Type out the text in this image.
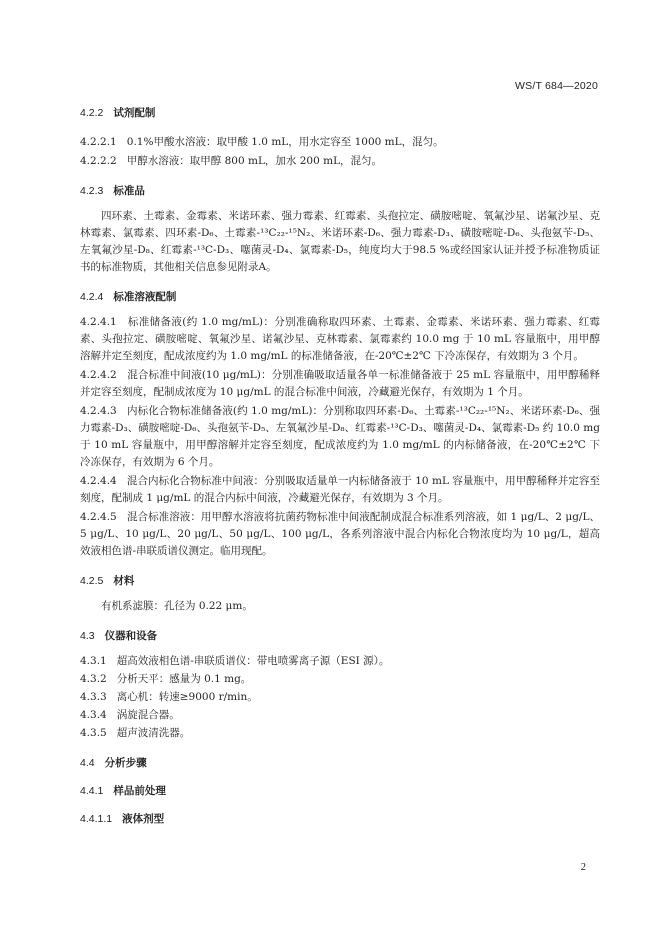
WS/T 684—2020

4.2.2 试剂配制

4.2.2.1 0.1%甲酸水溶液：取甲酸 1.0 mL，用水定容至 1000 mL，混匀。

4.2.2.2 甲醇水溶液：取甲醇 800 mL，加水 200 mL，混匀。

4.2.3 标准品

四环素、土霉素、金霉素、米诺环素、强力霉素、红霉素、头孢拉定、磺胺嘧啶、氧氟沙星、诺氟沙星、克林霉素、氯霉素、四环素-D₆、土霉素-¹³C₂₂-¹⁵N₂、米诺环素-D₆、强力霉素-D₃、磺胺嘧啶-D₆、头孢氨苄-D₅、左氧氟沙星-D₈、红霉素-¹³C-D₃、噻菌灵-D₄、氯霉素-D₅，纯度均大于98.5 %或经国家认证并授予标准物质证书的标准物质，其他相关信息参见附录A。

4.2.4 标准溶液配制

4.2.4.1 标准储备液(约 1.0 mg/mL)：分别准确称取四环素、土霉素、金霉素、米诺环素、强力霉素、红霉素、头孢拉定、磺胺嘧啶、氧氟沙星、诺氟沙星、克林霉素、氯霉素约 10.0 mg 于 10 mL 容量瓶中，用甲醇溶解并定至刻度，配成浓度约为 1.0 mg/mL 的标准储备液，在-20℃±2℃ 下冷冻保存，有效期为 3 个月。

4.2.4.2 混合标准中间液(10 μg/mL)：分别准确吸取适量各单一标准储备液于 25 mL 容量瓶中，用甲醇稀释并定容至刻度，配制成浓度为 10 μg/mL 的混合标准中间液，冷藏避光保存，有效期为 1 个月。

4.2.4.3 内标化合物标准储备液(约 1.0 mg/mL)：分别称取四环素-D₆、土霉素-¹³C₂₂-¹⁵N₂、米诺环素-D₆、强力霉素-D₃、磺胺嘧啶-D₆、头孢氨苄-D₅、左氧氟沙星-D₈、红霉素-¹³C-D₃、噻菌灵-D₄、氯霉素-D₅ 约 10.0 mg 于 10 mL 容量瓶中，用甲醇溶解并定容至刻度，配成浓度约为 1.0 mg/mL 的内标储备液，在-20℃±2℃ 下冷冻保存，有效期为 6 个月。

4.2.4.4 混合内标化合物标准中间液：分别吸取适量单一内标储备液于 10 mL 容量瓶中，用甲醇稀释并定容至刻度，配制成 1 μg/mL 的混合内标中间液，冷藏避光保存，有效期为 3 个月。

4.2.4.5 混合标准溶液：用甲醇水溶液将抗菌药物标准中间液配制成混合标准系列溶液，如 1 μg/L、2 μg/L、5 μg/L、10 μg/L、20 μg/L、50 μg/L、100 μg/L，各系列溶液中混合内标化合物浓度均为 10 μg/L，超高效液相色谱-串联质谱仪测定。临用现配。

4.2.5 材料

有机系滤膜：孔径为 0.22 μm。

4.3 仪器和设备

4.3.1 超高效液相色谱-串联质谱仪：带电喷雾离子源（ESI 源）。

4.3.2 分析天平：感量为 0.1 mg。

4.3.3 离心机：转速≥9000 r/min。

4.3.4 涡旋混合器。

4.3.5 超声波清洗器。

4.4 分析步骤

4.4.1 样品前处理

4.4.1.1 液体剂型

2
